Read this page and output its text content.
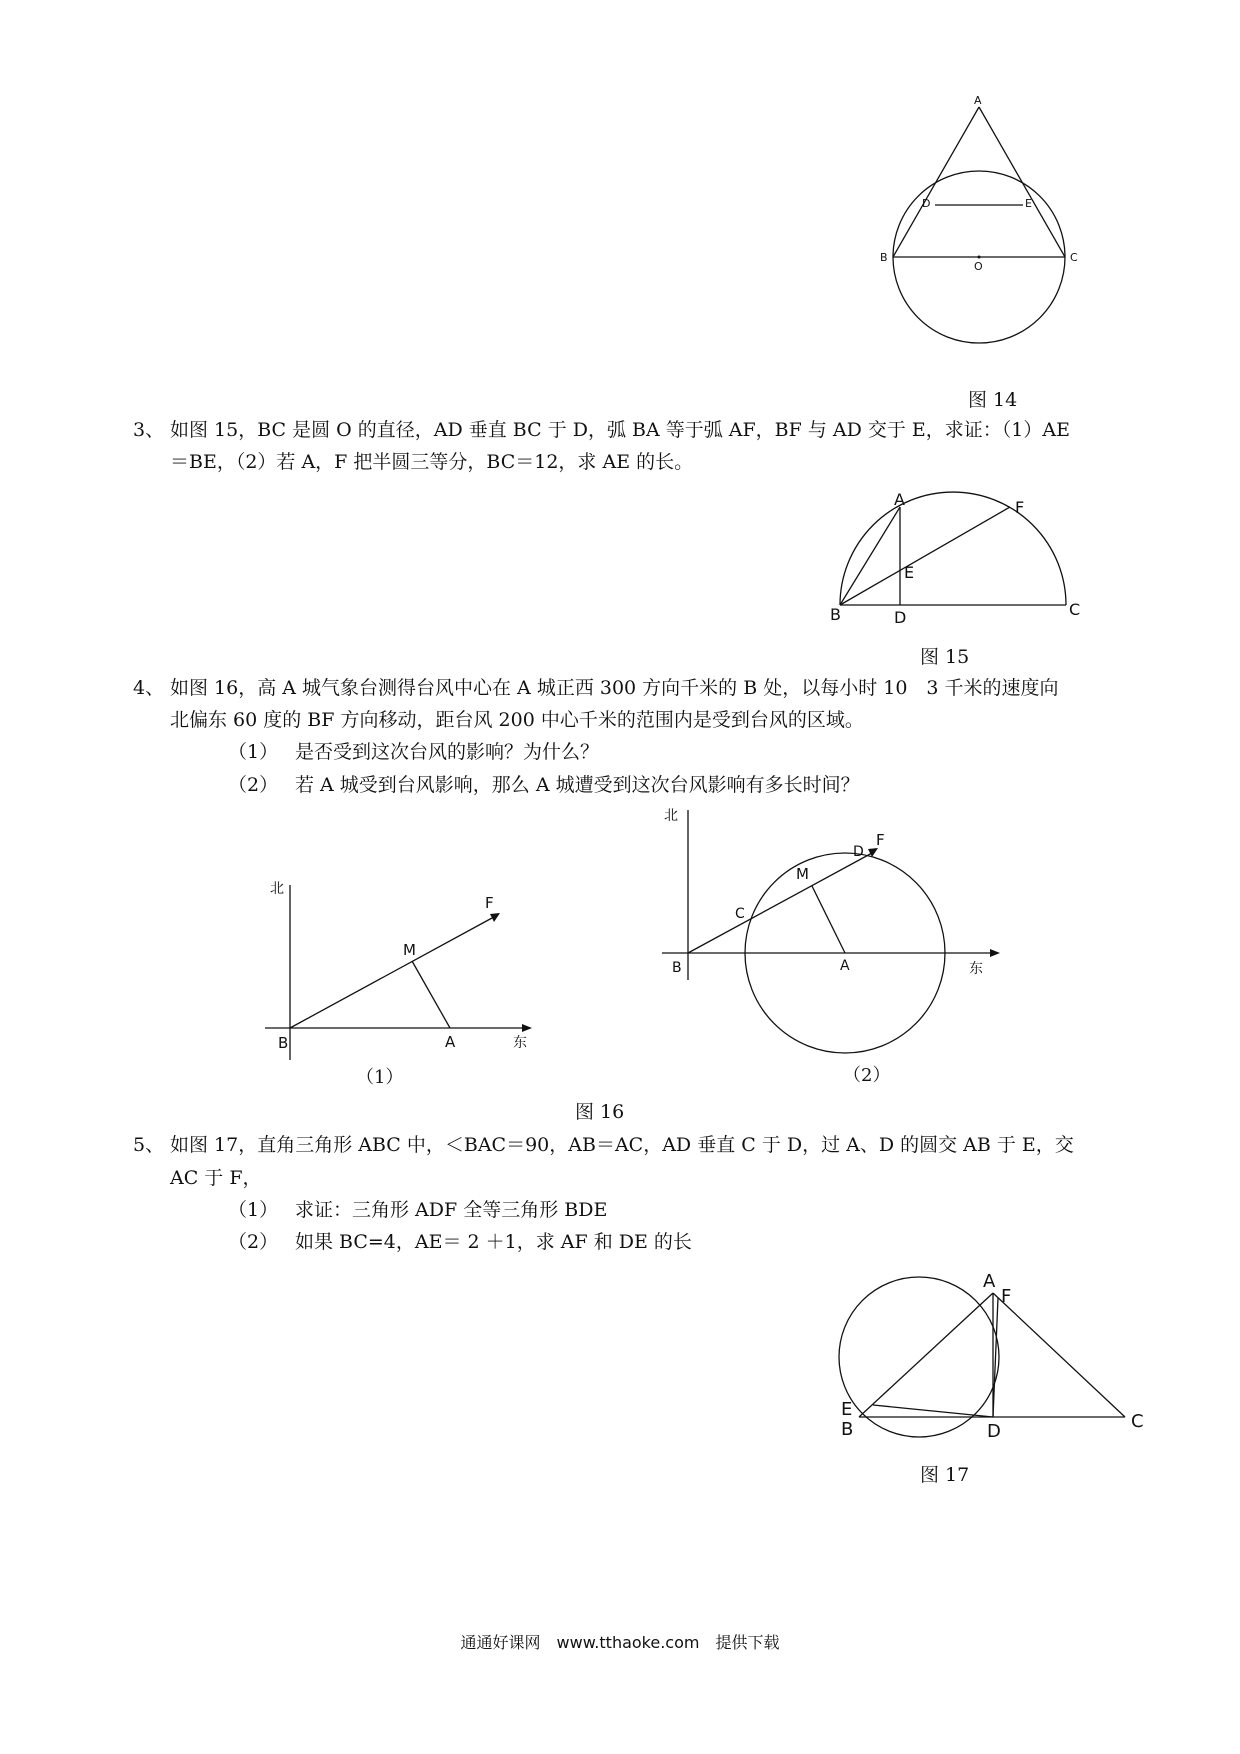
A
D	E
B
O
C
图 14
3、 如图 15，BC 是圆 O 的直径，AD 垂直 BC 于 D，弧 BA 等于弧 AF，BF 与 AD 交于 E，求证：（1）AE
＝BE，（2）若 A，F 把半圆三等分，BC＝12，求 AE 的长。
A	F
E
B	D	C
图 15
4、 如图 16，高 A 城气象台测得台风中心在 A 城正西 300 方向千米的 B 处，以每小时 10　3 千米的速度向
北偏东 60 度的 BF 方向移动，距台风 200 中心千米的范围内是受到台风的区域。
（1） 是否受到这次台风的影响？为什么？
（2） 若 A 城受到台风影响，那么 A 城遭受到这次台风影响有多长时间？
北
F
M
B	A	东
（1）
北
F
D
M
C
B	A	东
（2）
图 16
5、 如图 17，直角三角形 ABC 中，＜BAC＝90，AB＝AC，AD 垂直 C 于 D，过 A、D 的圆交 AB 于 E，交
AC 于 F，
（1） 求证：三角形 ADF 全等三角形 BDE
（2） 如果 BC=4，AE＝ 2 ＋1，求 AF 和 DE 的长
A
F
E
B	D	C
图 17
通通好课网　www.tthaoke.com　提供下载
